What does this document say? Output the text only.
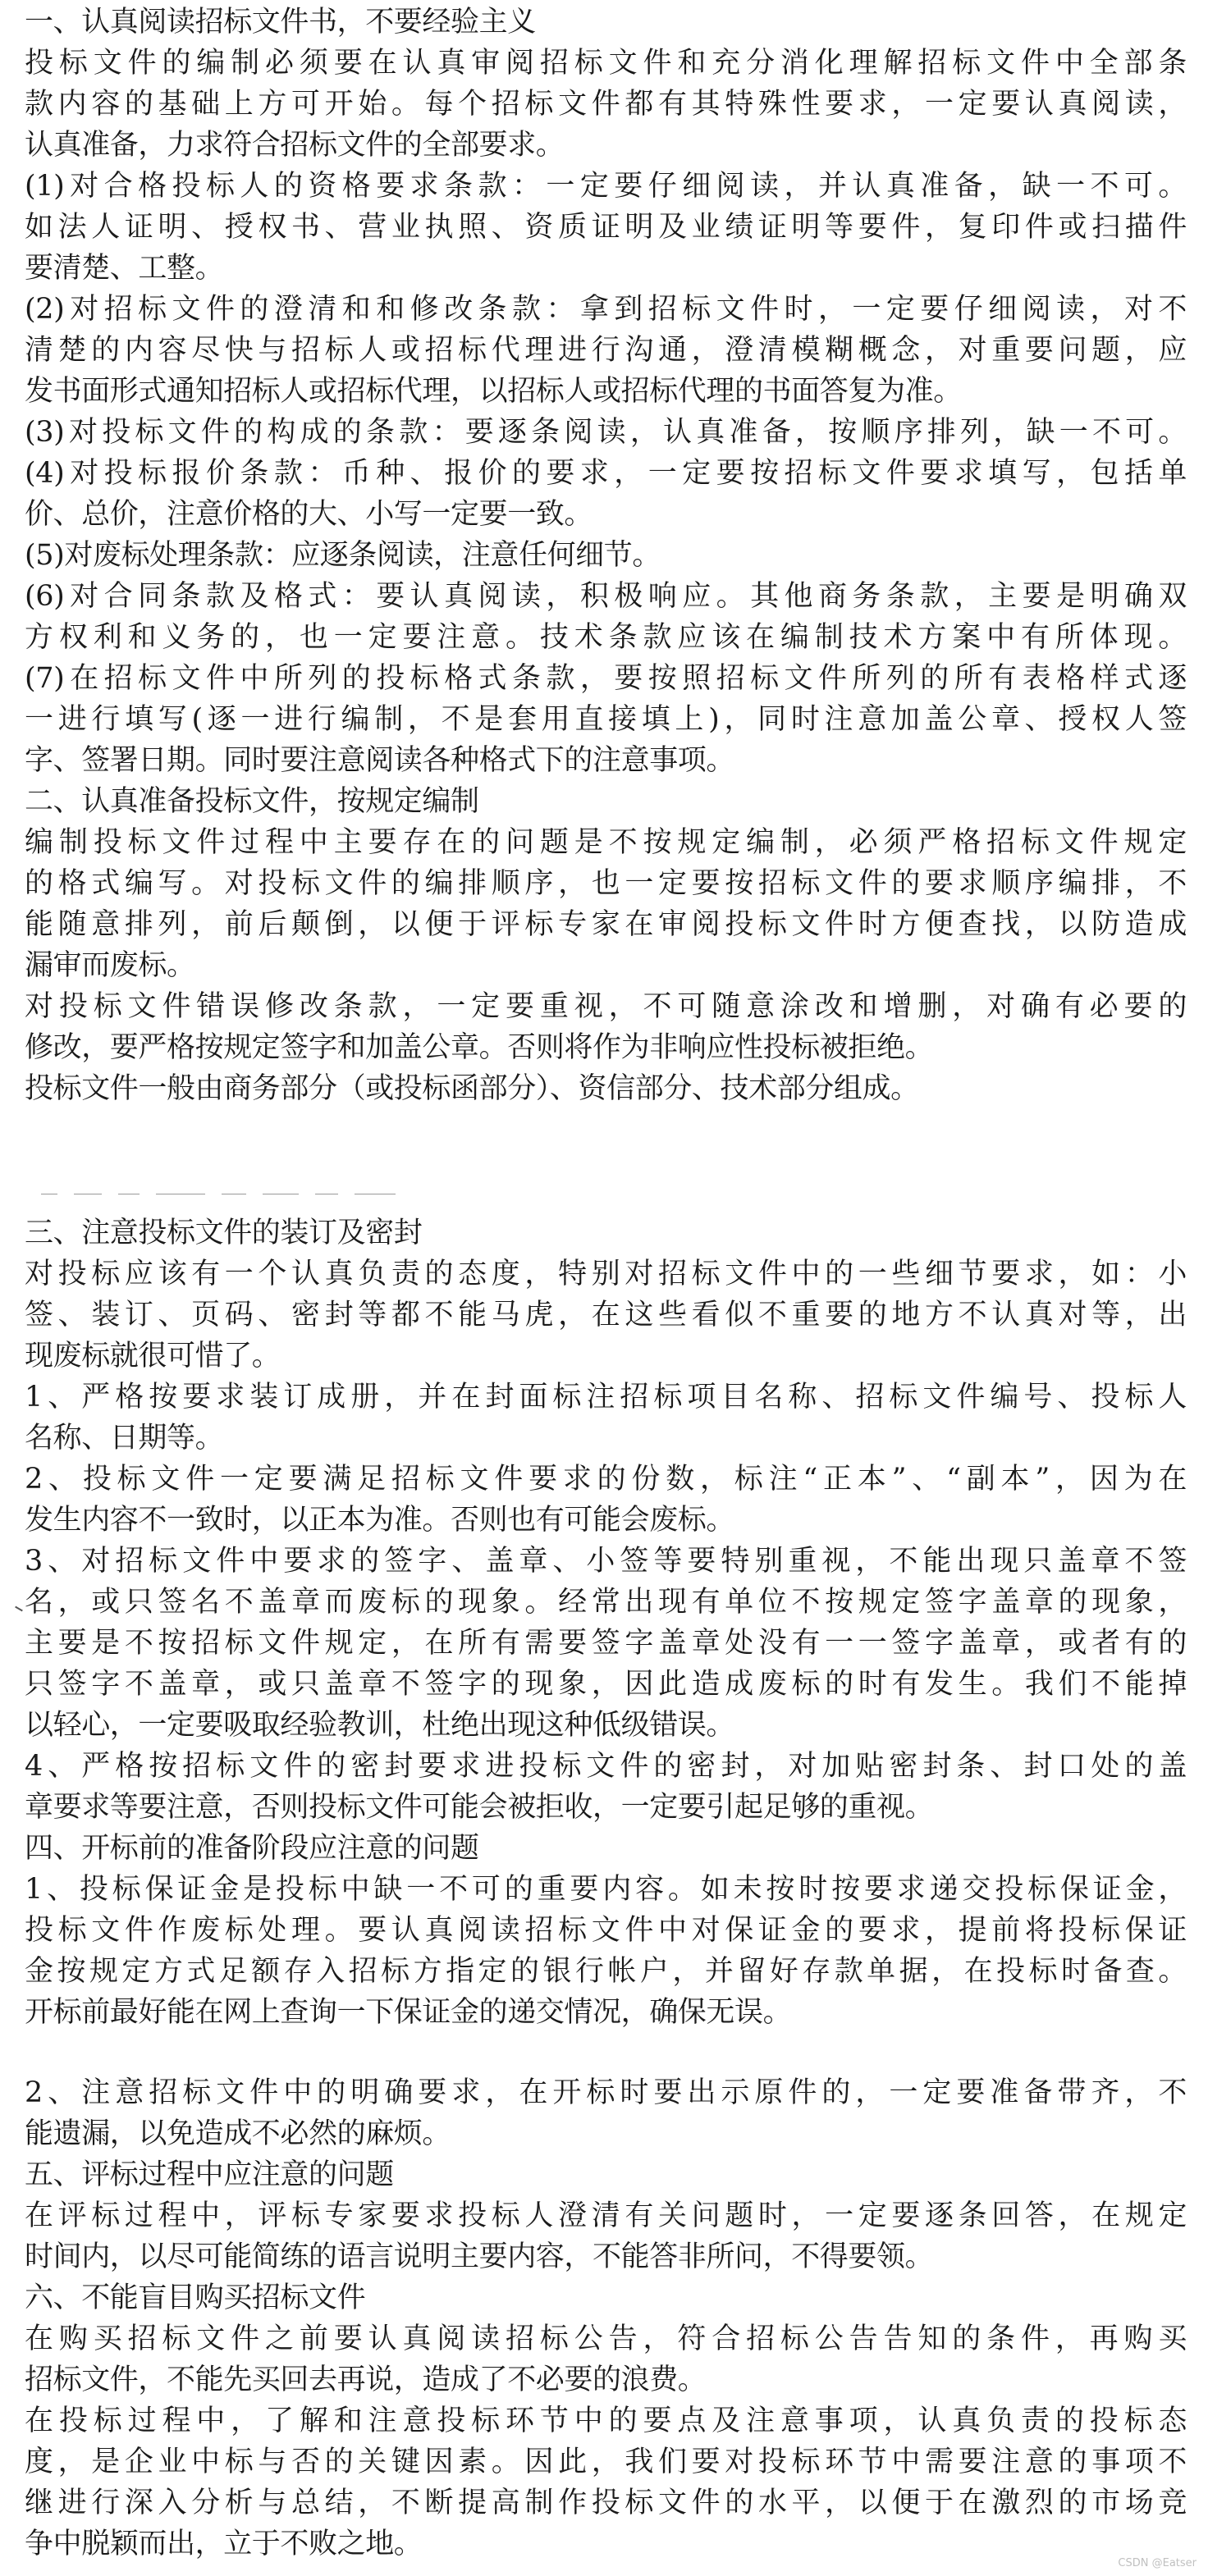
一、认真阅读招标文件书，不要经验主义
投标文件的编制必须要在认真审阅招标文件和充分消化理解招标文件中全部条
款内容的基础上方可开始。每个招标文件都有其特殊性要求，一定要认真阅读，
认真准备，力求符合招标文件的全部要求。
(1)对合格投标人的资格要求条款：一定要仔细阅读，并认真准备，缺一不可。
如法人证明、授权书、营业执照、资质证明及业绩证明等要件，复印件或扫描件
要清楚、工整。
(2)对招标文件的澄清和和修改条款：拿到招标文件时，一定要仔细阅读，对不
清楚的内容尽快与招标人或招标代理进行沟通，澄清模糊概念，对重要问题，应
发书面形式通知招标人或招标代理，以招标人或招标代理的书面答复为准。
(3)对投标文件的构成的条款：要逐条阅读，认真准备，按顺序排列，缺一不可。
(4)对投标报价条款：币种、报价的要求，一定要按招标文件要求填写，包括单
价、总价，注意价格的大、小写一定要一致。
(5)对废标处理条款：应逐条阅读，注意任何细节。
(6)对合同条款及格式：要认真阅读，积极响应。其他商务条款，主要是明确双
方权利和义务的，也一定要注意。技术条款应该在编制技术方案中有所体现。
(7)在招标文件中所列的投标格式条款，要按照招标文件所列的所有表格样式逐
一进行填写(逐一进行编制，不是套用直接填上)，同时注意加盖公章、授权人签
字、签署日期。同时要注意阅读各种格式下的注意事项。
二、认真准备投标文件，按规定编制
编制投标文件过程中主要存在的问题是不按规定编制，必须严格招标文件规定
的格式编写。对投标文件的编排顺序，也一定要按招标文件的要求顺序编排，不
能随意排列，前后颠倒，以便于评标专家在审阅投标文件时方便查找，以防造成
漏审而废标。
对投标文件错误修改条款，一定要重视，不可随意涂改和增删，对确有必要的
修改，要严格按规定签字和加盖公章。否则将作为非响应性投标被拒绝。
投标文件一般由商务部分（或投标函部分）、资信部分、技术部分组成。
三、注意投标文件的装订及密封
对投标应该有一个认真负责的态度，特别对招标文件中的一些细节要求，如：小
签、装订、页码、密封等都不能马虎，在这些看似不重要的地方不认真对等，出
现废标就很可惜了。
1、严格按要求装订成册，并在封面标注招标项目名称、招标文件编号、投标人
名称、日期等。
2、投标文件一定要满足招标文件要求的份数，标注“正本”、“副本”，因为在
发生内容不一致时，以正本为准。否则也有可能会废标。
3、对招标文件中要求的签字、盖章、小签等要特别重视，不能出现只盖章不签
名，或只签名不盖章而废标的现象。经常出现有单位不按规定签字盖章的现象，
主要是不按招标文件规定，在所有需要签字盖章处没有一一签字盖章，或者有的
只签字不盖章，或只盖章不签字的现象，因此造成废标的时有发生。我们不能掉
以轻心，一定要吸取经验教训，杜绝出现这种低级错误。
4、严格按招标文件的密封要求进投标文件的密封，对加贴密封条、封口处的盖
章要求等要注意，否则投标文件可能会被拒收，一定要引起足够的重视。
四、开标前的准备阶段应注意的问题
1、投标保证金是投标中缺一不可的重要内容。如未按时按要求递交投标保证金，
投标文件作废标处理。要认真阅读招标文件中对保证金的要求，提前将投标保证
金按规定方式足额存入招标方指定的银行帐户，并留好存款单据，在投标时备查。
开标前最好能在网上查询一下保证金的递交情况，确保无误。
2、注意招标文件中的明确要求，在开标时要出示原件的，一定要准备带齐，不
能遗漏，以免造成不必然的麻烦。
五、评标过程中应注意的问题
在评标过程中，评标专家要求投标人澄清有关问题时，一定要逐条回答，在规定
时间内，以尽可能简练的语言说明主要内容，不能答非所问，不得要领。
六、不能盲目购买招标文件
在购买招标文件之前要认真阅读招标公告，符合招标公告告知的条件，再购买
招标文件，不能先买回去再说，造成了不必要的浪费。
在投标过程中，了解和注意投标环节中的要点及注意事项，认真负责的投标态
度，是企业中标与否的关键因素。因此，我们要对投标环节中需要注意的事项不
继进行深入分析与总结，不断提高制作投标文件的水平，以便于在激烈的市场竞
争中脱颖而出，立于不败之地。
CSDN @Eatser
